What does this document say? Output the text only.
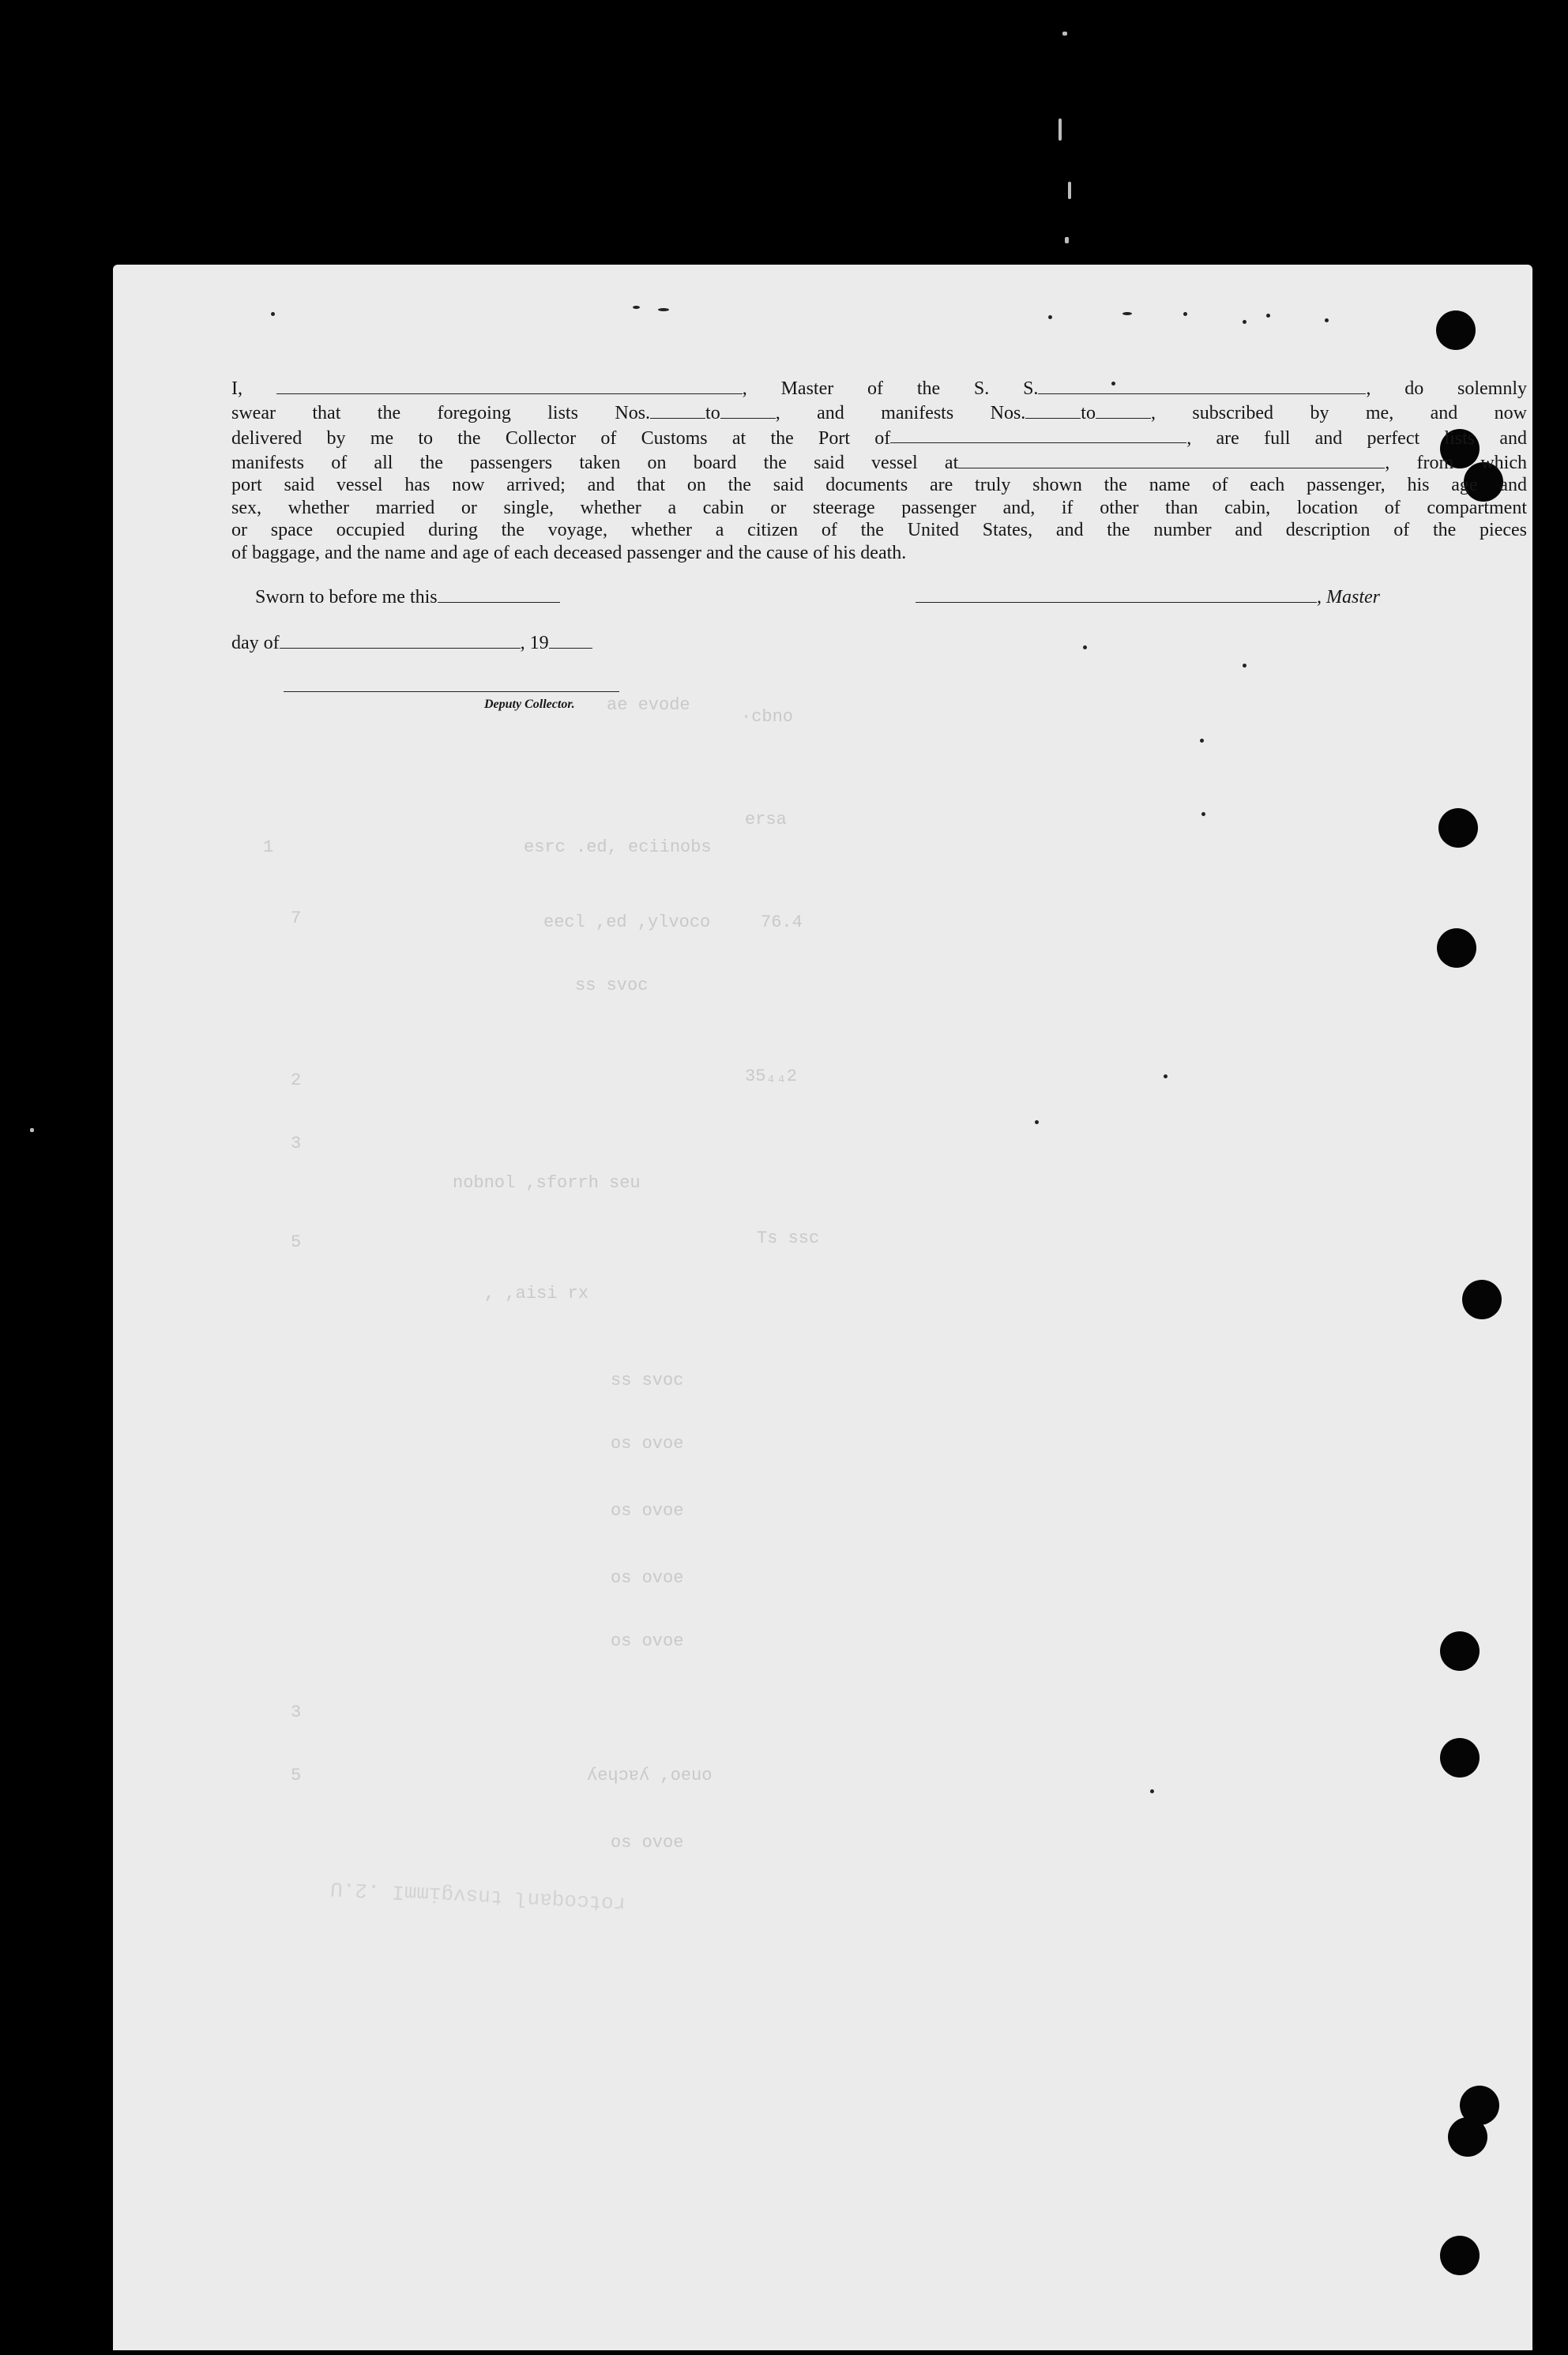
I,	, Master of the S. S.	, do solemnly

swear that the foregoing lists Nos.	to	, and manifests Nos.	to	, subscribed by me, and now

delivered by me to the Collector of Customs at the Port of	, are full and perfect lists and

manifests of all the passengers taken on board the said vessel at	, from which

port said vessel has now arrived; and that on the said documents are truly shown the name of each passenger, his age and

sex, whether married or single, whether a cabin or steerage passenger and, if other than cabin, location of compartment

or space occupied during the voyage, whether a citizen of the United States, and the number and description of the pieces

of baggage, and the name and age of each deceased passenger and the cause of his death.

Sworn to before me this
day of	, 19
, Master
Deputy Collector.
·cbno
ae evode
ersa
esrc .ed, eciinobs
eecl ,ed ,ylvoco	76.4
ss svoc
35₄₄2
nobnol ,sforrh seu
Ts ssc
, ,aisi rx
ss svoc
os ovoe
os ovoe
os ovoe
os ovoe
ʎeɥɔɐʎ ,oeuo
os ovoe
1
7
2
3
5
3
5
rotcoqanl tnsvgimmI .2.U
